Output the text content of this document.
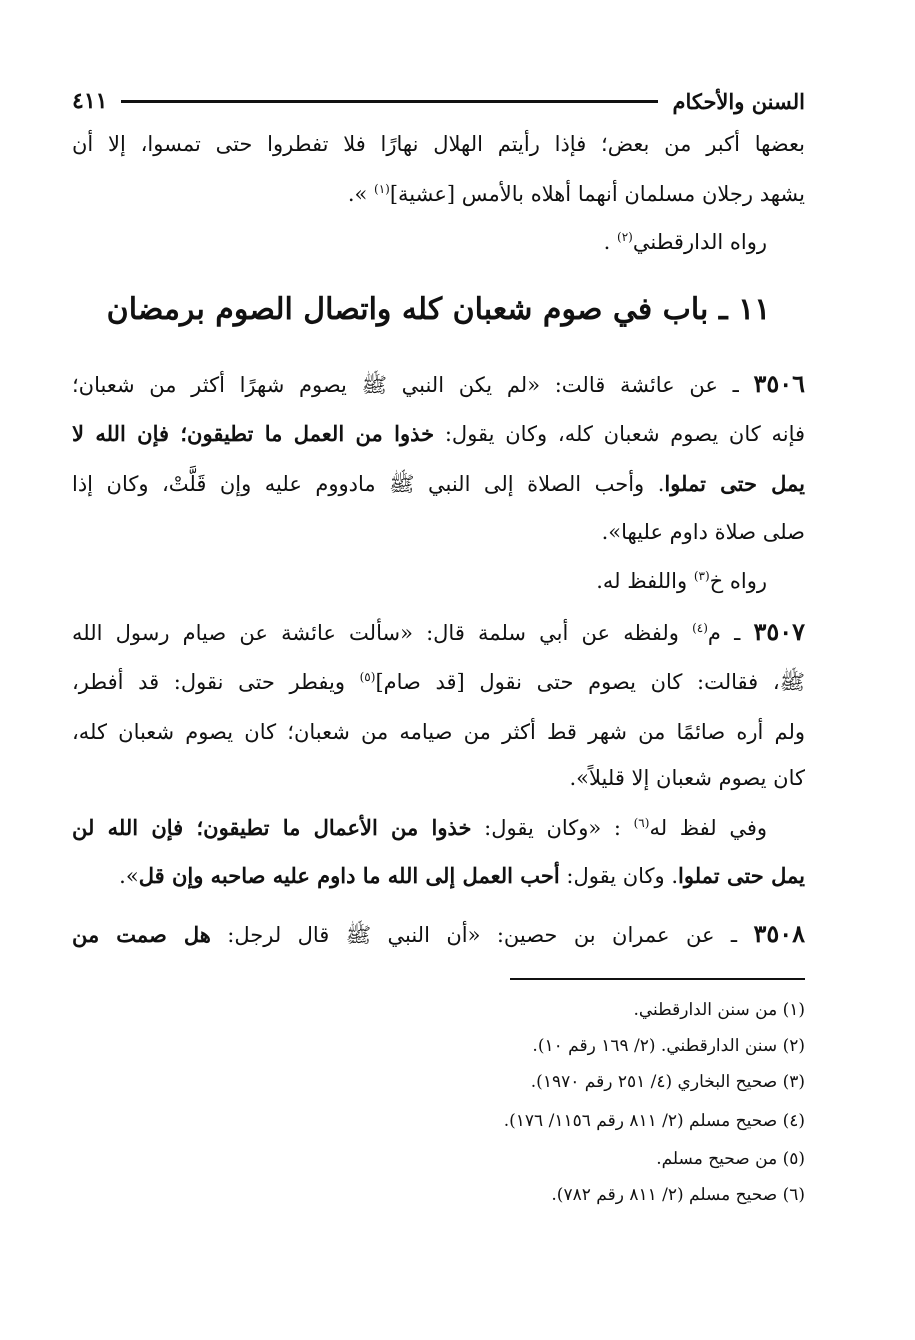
السنن والأحكام
٤١١
بعضها أكبر من بعض؛ فإذا رأيتم الهلال نهارًا فلا تفطروا حتى تمسوا، إلا أن
يشهد رجلان مسلمان أنهما أهلاه بالأمس [عشية]$^{(١)}$ ».
رواه الدارقطني$^{(٢)}$ .
١١ ـ باب في صوم شعبان كله واتصال الصوم برمضان
٣٥٠٦ ـ عن عائشة قالت: «لم يكن النبي ﷺ يصوم شهرًا أكثر من شعبان؛
فإنه كان يصوم شعبان كله، وكان يقول: خذوا من العمل ما تطيقون؛ فإن الله لا
يمل حتى تملوا. وأحب الصلاة إلى النبي ﷺ مادووم عليه وإن قَلَّتْ، وكان إذا
صلى صلاة داوم عليها».
رواه خ$^{(٣)}$ واللفظ له.
٣٥٠٧ ـ م$^{(٤)}$ ولفظه عن أبي سلمة قال: «سألت عائشة عن صيام رسول الله
ﷺ، فقالت: كان يصوم حتى نقول [قد صام]$^{(٥)}$ ويفطر حتى نقول: قد أفطر،
ولم أره صائمًا من شهر قط أكثر من صيامه من شعبان؛ كان يصوم شعبان كله،
كان يصوم شعبان إلا قليلاً».
وفي لفظ له$^{(٦)}$ : «وكان يقول: خذوا من الأعمال ما تطيقون؛ فإن الله لن
يمل حتى تملوا. وكان يقول: أحب العمل إلى الله ما داوم عليه صاحبه وإن قل».
٣٥٠٨ ـ عن عمران بن حصين: «أن النبي ﷺ قال لرجل: هل صمت من
(١) من سنن الدارقطني.
(٢) سنن الدارقطني. (٢/ ١٦٩ رقم ١٠).
(٣) صحيح البخاري (٤/ ٢٥١ رقم ١٩٧٠).
(٤) صحيح مسلم (٢/ ٨١١ رقم ١١٥٦/ ١٧٦).
(٥) من صحيح مسلم.
(٦) صحيح مسلم (٢/ ٨١١ رقم ٧٨٢).
